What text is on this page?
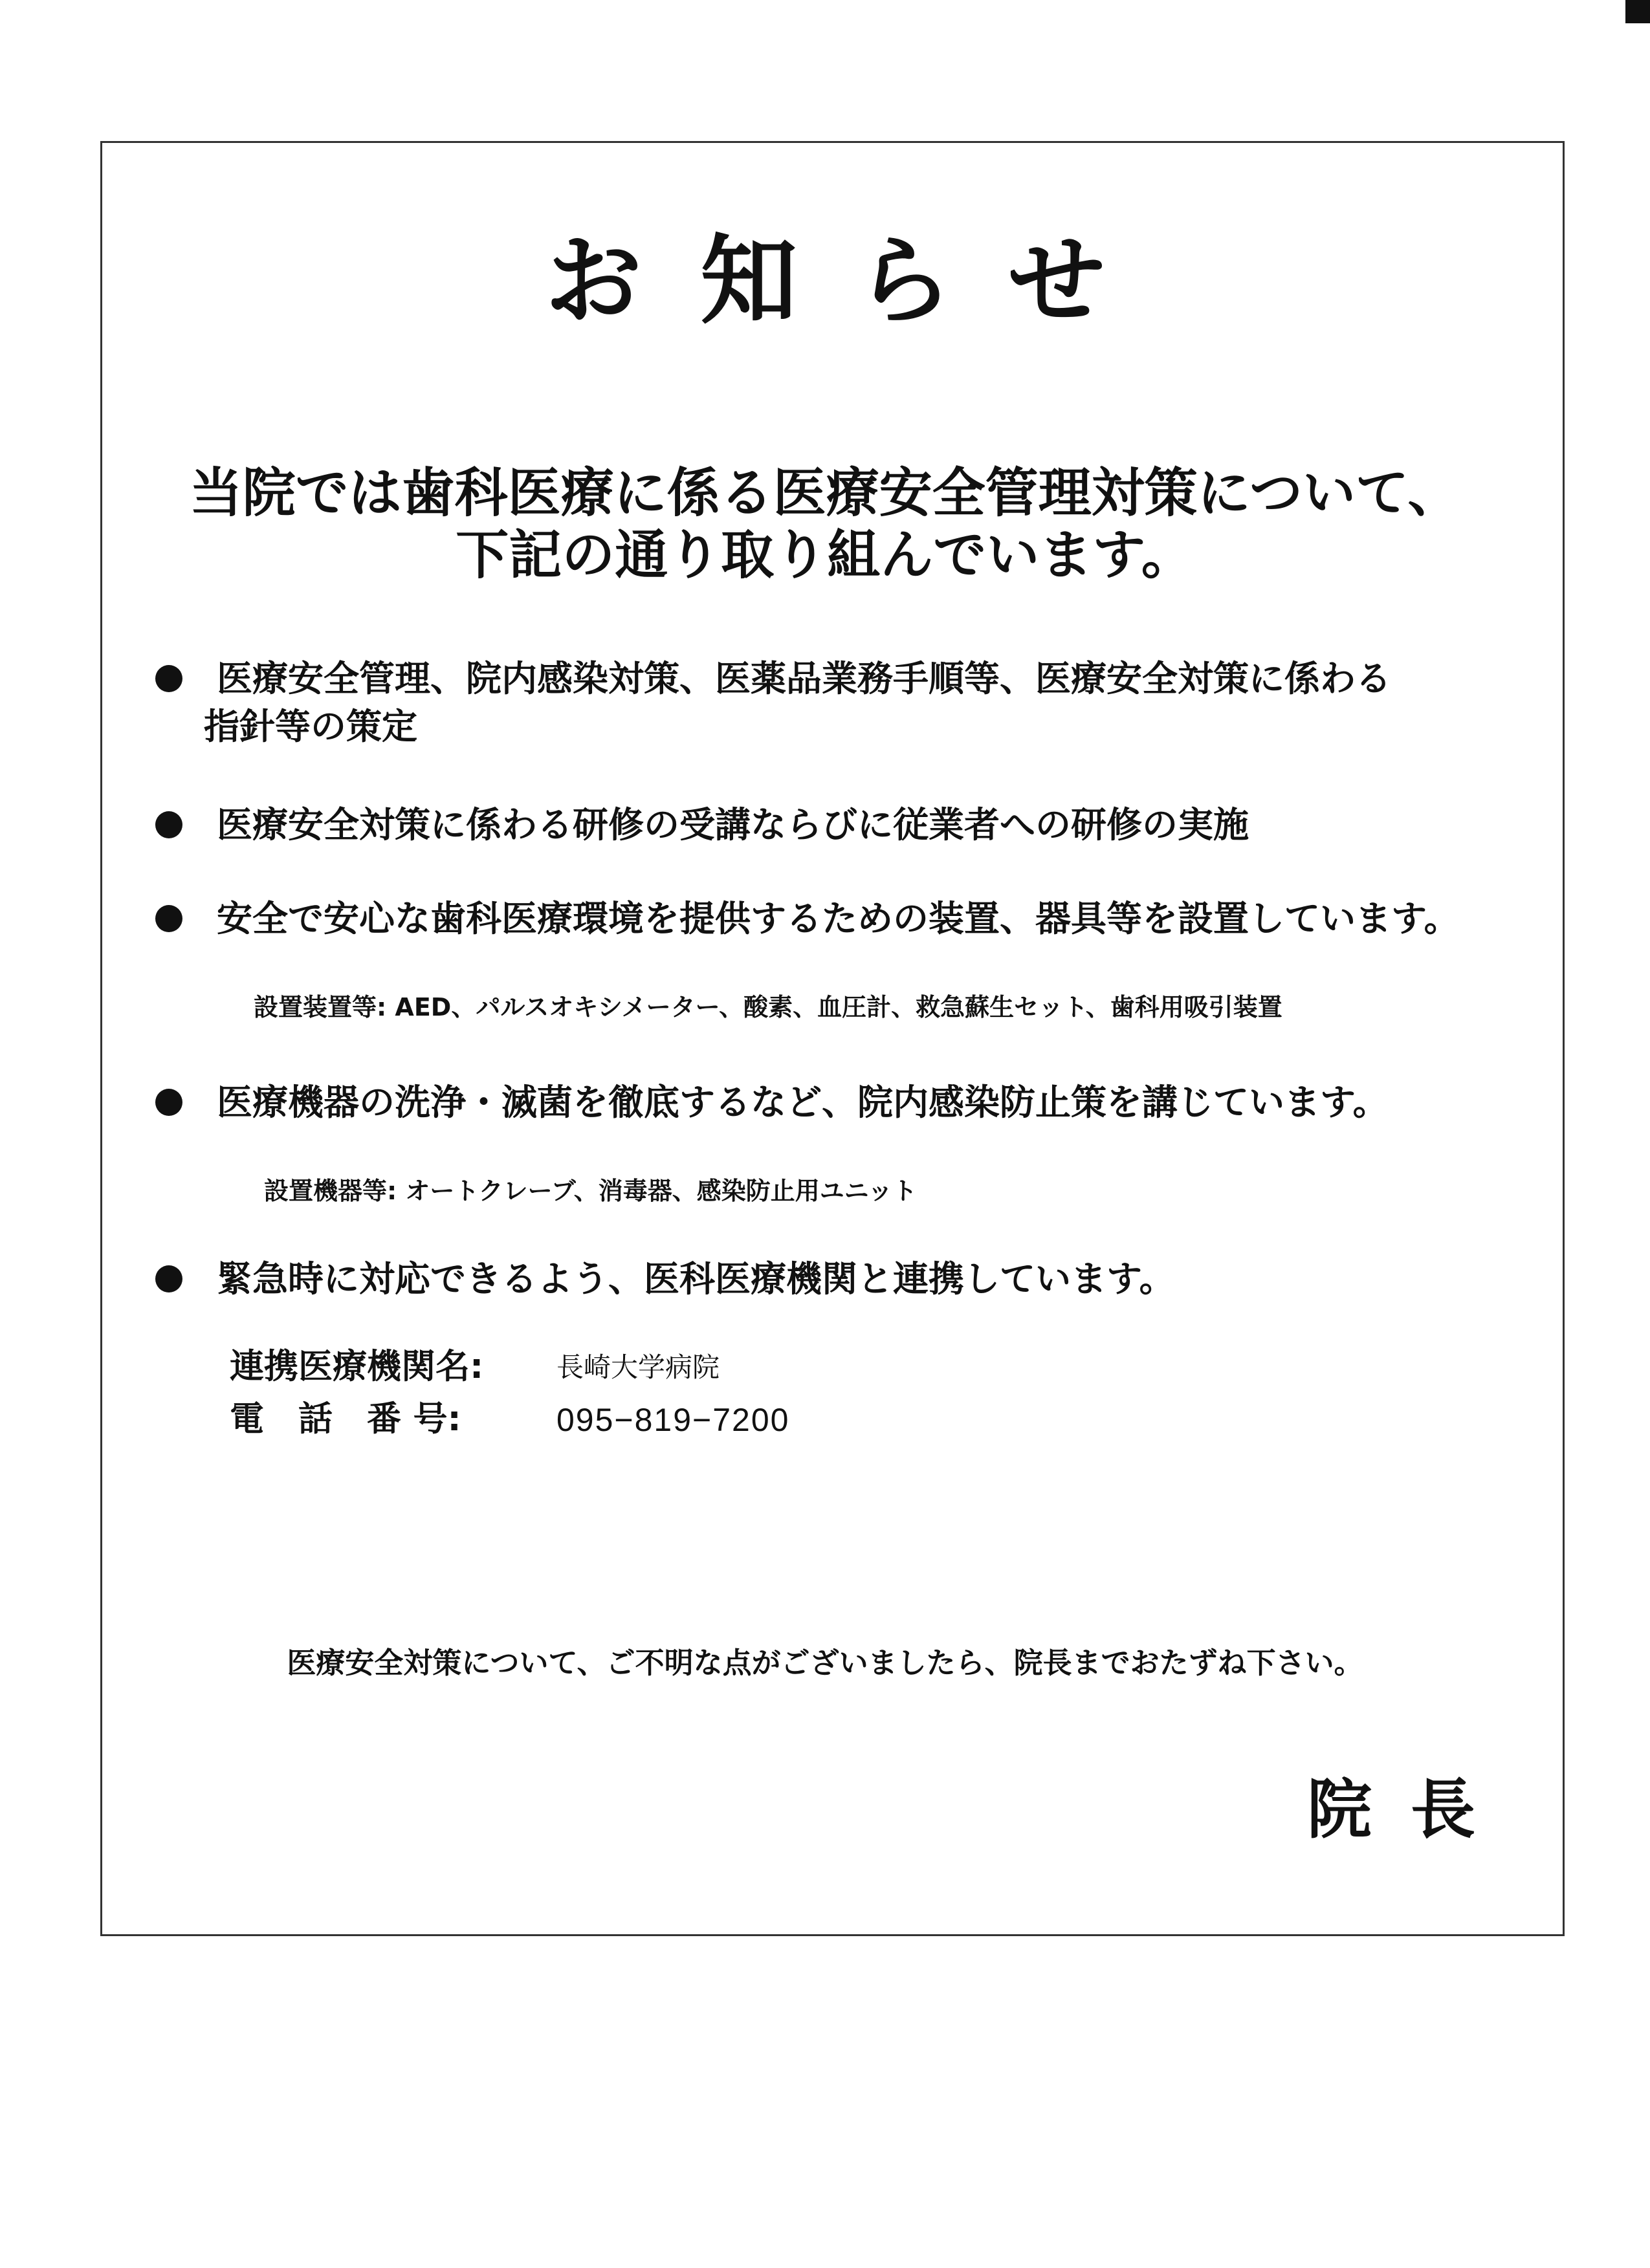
お知らせ
当院では歯科医療に係る医療安全管理対策について、
下記の通り取り組んでいます。
医療安全管理、院内感染対策、医薬品業務手順等、医療安全対策に係わる
指針等の策定
医療安全対策に係わる研修の受講ならびに従業者への研修の実施
安全で安心な歯科医療環境を提供するための装置、器具等を設置しています。
設置装置等: AED、パルスオキシメーター、酸素、血圧計、救急蘇生セット、歯科用吸引装置
医療機器の洗浄・滅菌を徹底するなど、院内感染防止策を講じています。
設置機器等: オートクレーブ、消毒器、感染防止用ユニット
緊急時に対応できるよう、医科医療機関と連携しています。
連携医療機関名:	長崎大学病院
電　話　番 号:	095−819−7200
医療安全対策について、ご不明な点がございましたら、院長までおたずね下さい。
院長
